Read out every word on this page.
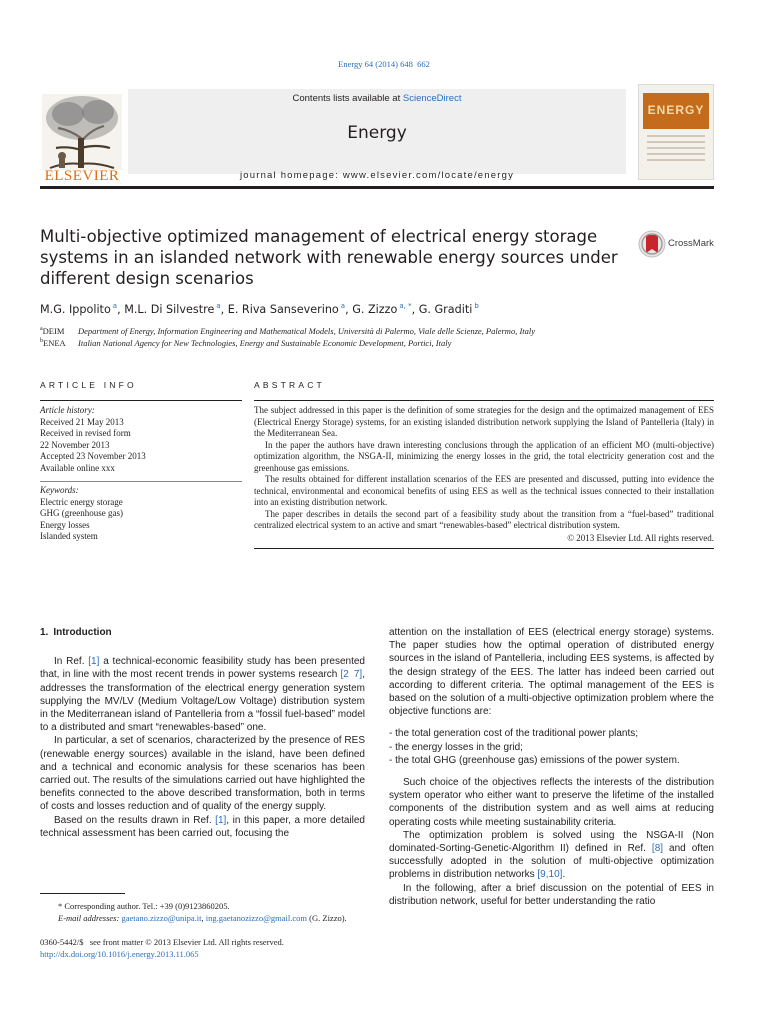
Energy 64 (2014) 648 662
ELSEVIER
Contents lists available at ScienceDirect
Energy
journal homepage: www.elsevier.com/locate/energy
ENERGY
Multi-objective optimized management of electrical energy storage systems in an islanded network with renewable energy sources under different design scenarios
CrossMark
M.G. Ippolito $^a$, M.L. Di Silvestre $^a$, E. Riva Sanseverino $^a$, G. Zizzo $^{a, *}$, G. Graditi $^b$
$^a$DEIM Department of Energy, Information Engineering and Mathematical Models, Università di Palermo, Viale delle Scienze, Palermo, Italy
$^b$ENEA Italian National Agency for New Technologies, Energy and Sustainable Economic Development, Portici, Italy
ARTICLE INFO
Article history:
Received 21 May 2013
Received in revised form
22 November 2013
Accepted 23 November 2013
Available online xxx
Keywords:
Electric energy storage
GHG (greenhouse gas)
Energy losses
Islanded system
ABSTRACT

The subject addressed in this paper is the definition of some strategies for the design and the optimaized management of EES (Electrical Energy Storage) systems, for an existing islanded distribution network supplying the Island of Pantelleria (Italy) in the Mediterranean Sea.

In the paper the authors have drawn interesting conclusions through the application of an efficient MO (multi-objective) optimization algorithm, the NSGA-II, minimizing the energy losses in the grid, the total electricity generation cost and the greenhouse gas emissions.

The results obtained for different installation scenarios of the EES are presented and discussed, putting into evidence the technical, environmental and economical benefits of using EES as well as the technical issues connected to their installation into an existing distribution network.

The paper describes in details the second part of a feasibility study about the transition from a “fuel-based” traditional centralized electrical system to an active and smart “renewables-based” electrical distribution system.

© 2013 Elsevier Ltd. All rights reserved.
1. Introduction

In Ref. [1] a technical-economic feasibility study has been presented that, in line with the most recent trends in power systems research [2 7], addresses the transformation of the electrical energy generation system supplying the MV/LV (Medium Voltage/Low Voltage) distribution system in the Mediterranean island of Pantelleria from a “fossil fuel-based” model to a distributed and smart “renewables-based” one.

In particular, a set of scenarios, characterized by the presence of RES (renewable energy sources) available in the island, have been defined and a technical and economic analysis for these scenarios has been carried out. The results of the simulations carried out have highlighted the benefits connected to the above described transformation, both in terms of costs and losses reduction and of quality of the energy supply.

Based on the results drawn in Ref. [1], in this paper, a more detailed technical assessment has been carried out, focusing the

attention on the installation of EES (electrical energy storage) systems. The paper studies how the optimal operation of distributed energy sources in the island of Pantelleria, including EES systems, is affected by the design strategy of the EES. The latter has indeed been carried out according to different criteria. The optimal management of the EES is based on the solution of a multi-objective optimization problem where the objective functions are:

- the total generation cost of the traditional power plants;

- the energy losses in the grid;

- the total GHG (greenhouse gas) emissions of the power system.

Such choice of the objectives reflects the interests of the distribution system operator who either want to preserve the lifetime of the installed components of the distribution system and as well aims at reducing operating costs while meeting sustainability criteria.

The optimization problem is solved using the NSGA-II (Non dominated-Sorting-Genetic-Algorithm II) defined in Ref. [8] and often successfully adopted in the solution of multi-objective optimization problems in distribution networks [9,10].

In the following, after a brief discussion on the potential of EES in distribution network, useful for better understanding the ratio

* Corresponding author. Tel.: +39 (0)9123860205.
E-mail addresses: gaetano.zizzo@unipa.it, ing.gaetanozizzo@gmail.com (G. Zizzo).
0360-5442/$  see front matter © 2013 Elsevier Ltd. All rights reserved.
http://dx.doi.org/10.1016/j.energy.2013.11.065
